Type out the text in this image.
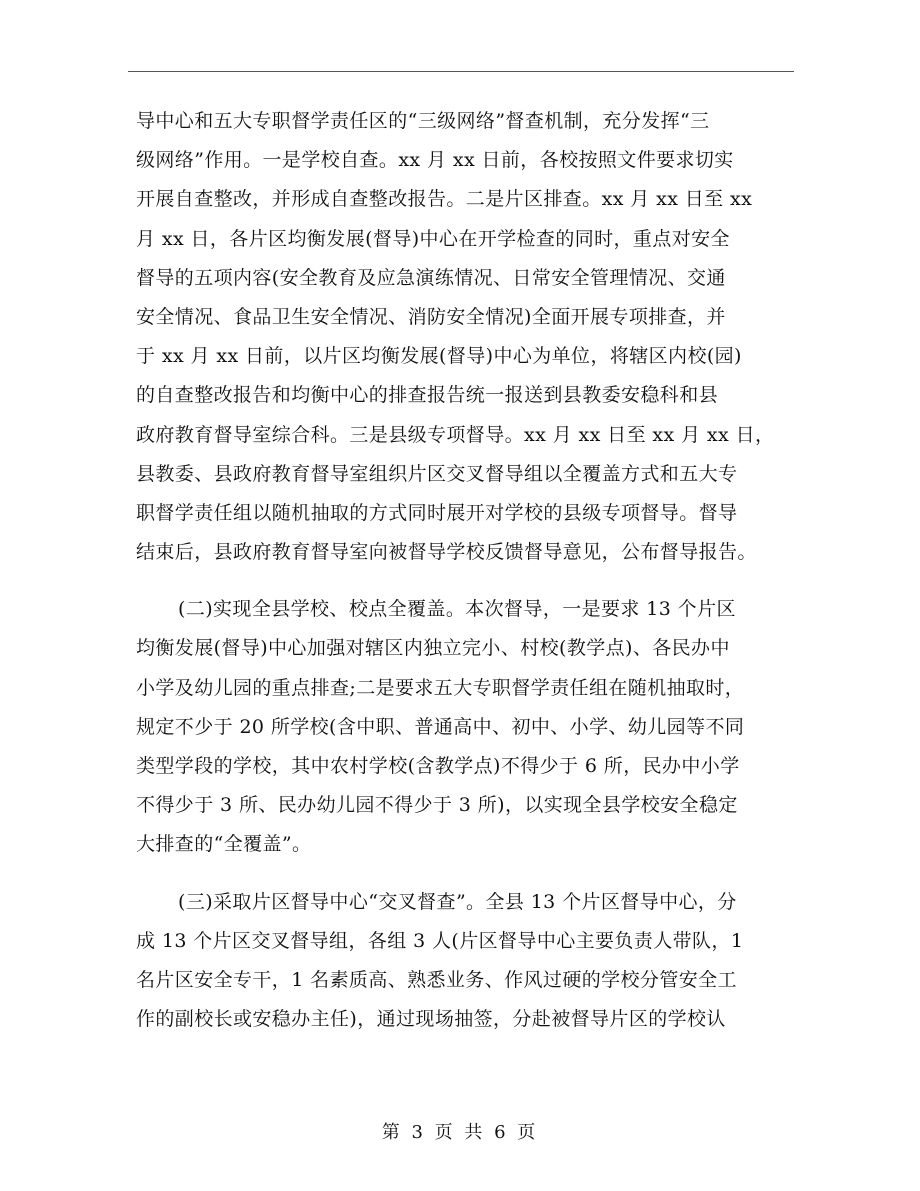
导中心和五大专职督学责任区的“三级网络”督查机制，充分发挥“三
级网络”作用。一是学校自查。xx 月 xx 日前，各校按照文件要求切实
开展自查整改，并形成自查整改报告。二是片区排查。xx 月 xx 日至 xx
月 xx 日，各片区均衡发展(督导)中心在开学检查的同时，重点对安全
督导的五项内容(安全教育及应急演练情况、日常安全管理情况、交通
安全情况、食品卫生安全情况、消防安全情况)全面开展专项排查，并
于 xx 月 xx 日前，以片区均衡发展(督导)中心为单位，将辖区内校(园)
的自查整改报告和均衡中心的排查报告统一报送到县教委安稳科和县
政府教育督导室综合科。三是县级专项督导。xx 月 xx 日至 xx 月 xx 日，
县教委、县政府教育督导室组织片区交叉督导组以全覆盖方式和五大专
职督学责任组以随机抽取的方式同时展开对学校的县级专项督导。督导
结束后，县政府教育督导室向被督导学校反馈督导意见，公布督导报告。
(二)实现全县学校、校点全覆盖。本次督导，一是要求 13 个片区
均衡发展(督导)中心加强对辖区内独立完小、村校(教学点)、各民办中
小学及幼儿园的重点排查;二是要求五大专职督学责任组在随机抽取时，
规定不少于 20 所学校(含中职、普通高中、初中、小学、幼儿园等不同
类型学段的学校，其中农村学校(含教学点)不得少于 6 所，民办中小学
不得少于 3 所、民办幼儿园不得少于 3 所)，以实现全县学校安全稳定
大排查的“全覆盖”。
(三)采取片区督导中心“交叉督查”。全县 13 个片区督导中心，分
成 13 个片区交叉督导组，各组 3 人(片区督导中心主要负责人带队，1
名片区安全专干，1 名素质高、熟悉业务、作风过硬的学校分管安全工
作的副校长或安稳办主任)，通过现场抽签，分赴被督导片区的学校认
第 3 页 共 6 页
